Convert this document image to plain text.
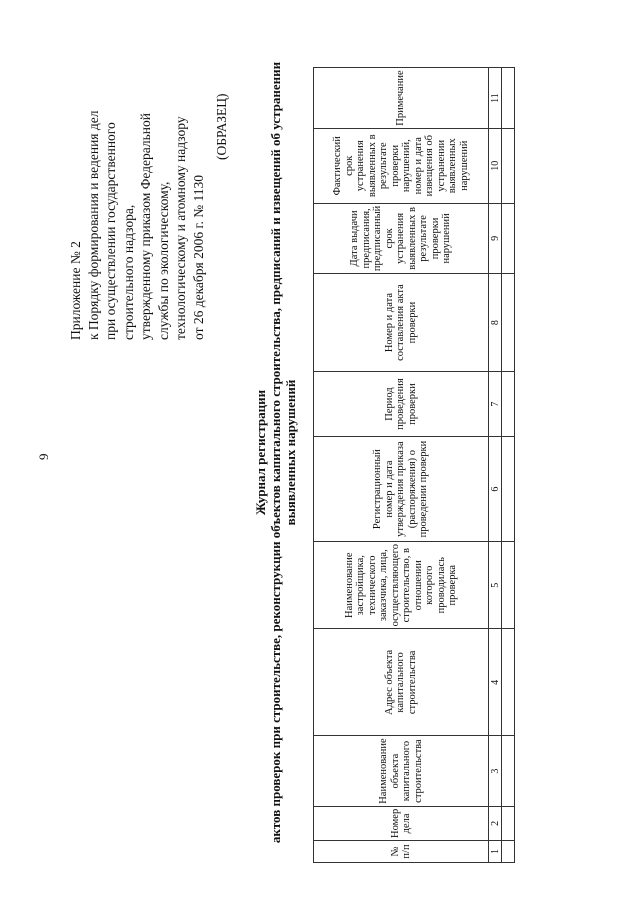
9
Приложение № 2 к Порядку формирования и ведения дел при осуществлении государственного строительного надзора, утвержденному приказом Федеральной службы по экологическому, технологическому и атомному надзору от 26 декабря 2006 г. № 1130
(ОБРАЗЕЦ)
Журнал регистрации актов проверок при строительстве, реконструкции объектов капитального строительства, предписаний и извещений об устранении выявленных нарушений
№ п/п	Номер дела	Наименование объекта капитального строительства	Адрес объекта капитального строительства	Наименование застройщика, технического заказчика, лица, осуществляющего строительство, в отношении которого проводилась проверка	Регистрационный номер и дата утверждения приказа (распоряжения) о проведении проверки	Период проведения проверки	Номер и дата составления акта проверки	Дата выдачи предписания, предписанный срок устранения выявленных в результате проверки нарушений	Фактический срок устранения выявленных в результате проверки нарушений, номер и дата извещения об устранении выявленных нарушений	Примечание
1	2	3	4	5	6	7	8	9	10	11
